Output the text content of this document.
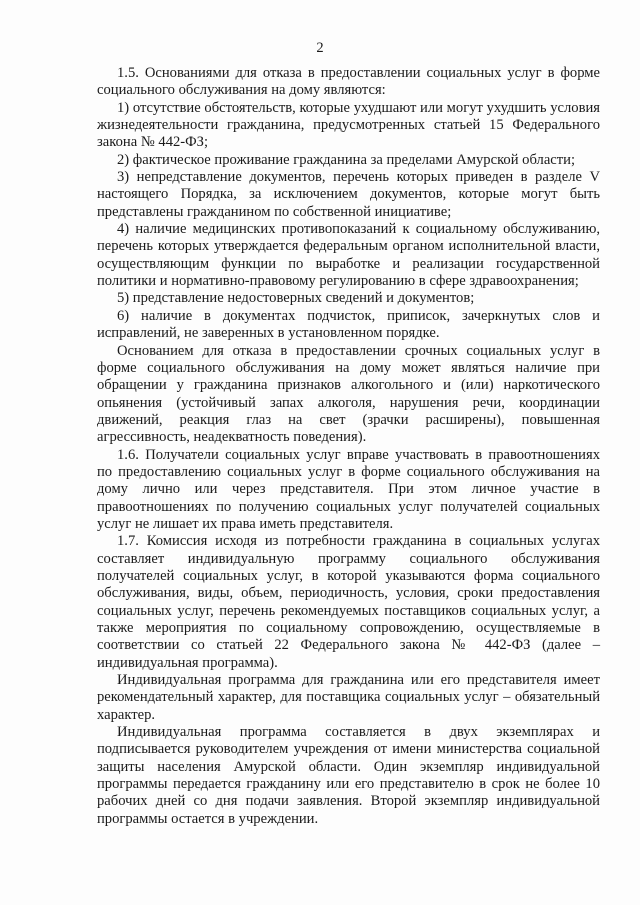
2

1.5. Основаниями для отказа в предоставлении социальных услуг в форме социального обслуживания на дому являются:

1) отсутствие обстоятельств, которые ухудшают или могут ухудшить условия жизнедеятельности гражданина, предусмотренных статьей 15 Федерального закона № 442-ФЗ;

2) фактическое проживание гражданина за пределами Амурской области;

3) непредставление документов, перечень которых приведен в разделе V настоящего Порядка, за исключением документов, которые могут быть представлены гражданином по собственной инициативе;

4) наличие медицинских противопоказаний к социальному обслуживанию, перечень которых утверждается федеральным органом исполнительной власти, осуществляющим функции по выработке и реализации государственной политики и нормативно-правовому регулированию в сфере здравоохранения;

5) представление недостоверных сведений и документов;

6) наличие в документах подчисток, приписок, зачеркнутых слов и исправлений, не заверенных в установленном порядке.

Основанием для отказа в предоставлении срочных социальных услуг в форме социального обслуживания на дому может являться наличие при обращении у гражданина признаков алкогольного и (или) наркотического опьянения (устойчивый запах алкоголя, нарушения речи, координации движений, реакция глаз на свет (зрачки расширены), повышенная агрессивность, неадекватность поведения).

1.6. Получатели социальных услуг вправе участвовать в правоотношениях по предоставлению социальных услуг в форме социального обслуживания на дому лично или через представителя. При этом личное участие в правоотношениях по получению социальных услуг получателей социальных услуг не лишает их права иметь представителя.

1.7. Комиссия исходя из потребности гражданина в социальных услугах составляет индивидуальную программу социального обслуживания получателей социальных услуг, в которой указываются форма социального обслуживания, виды, объем, периодичность, условия, сроки предоставления социальных услуг, перечень рекомендуемых поставщиков социальных услуг, а также мероприятия по социальному сопровождению, осуществляемые в соответствии со статьей 22 Федерального закона № 442-ФЗ (далее – индивидуальная программа).

Индивидуальная программа для гражданина или его представителя имеет рекомендательный характер, для поставщика социальных услуг – обязательный характер.

Индивидуальная программа составляется в двух экземплярах и подписывается руководителем учреждения от имени министерства социальной защиты населения Амурской области. Один экземпляр индивидуальной программы передается гражданину или его представителю в срок не более 10 рабочих дней со дня подачи заявления. Второй экземпляр индивидуальной программы остается в учреждении.
